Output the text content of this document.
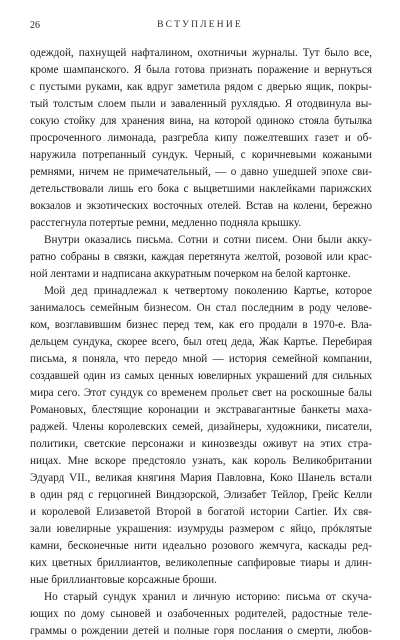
26	ВСТУПЛЕНИЕ
одеждой, пахнущей нафталином, охотничьи журналы. Тут было все,
кроме шампанского. Я была готова признать поражение и вернуться
с пустыми руками, как вдруг заметила рядом с дверью ящик, покры-
тый толстым слоем пыли и заваленный рухлядью. Я отодвинула вы-
сокую стойку для хранения вина, на которой одиноко стояла бутылка
просроченного лимонада, разгребла кипу пожелтевших газет и об-
наружила потрепанный сундук. Черный, с коричневыми кожаными
ремнями, ничем не примечательный, — о давно ушедшей эпохе сви-
детельствовали лишь его бока с выцветшими наклейками парижских
вокзалов и экзотических восточных отелей. Встав на колени, бережно
расстегнула потертые ремни, медленно подняла крышку.
Внутри оказались письма. Сотни и сотни писем. Они были акку-
ратно собраны в связки, каждая перетянута желтой, розовой или крас-
ной лентами и надписана аккуратным почерком на белой картонке.
Мой дед принадлежал к четвертому поколению Картье, которое
занималось семейным бизнесом. Он стал последним в роду челове-
ком, возглавившим бизнес перед тем, как его продали в 1970-е. Вла-
дельцем сундука, скорее всего, был отец деда, Жак Картье. Перебирая
письма, я поняла, что передо мной — история семейной компании,
создавшей один из самых ценных ювелирных украшений для сильных
мира сего. Этот сундук со временем прольет свет на роскошные балы
Романовых, блестящие коронации и экстравагантные банкеты маха-
раджей. Члены королевских семей, дизайнеры, художники, писатели,
политики, светские персонажи и кинозвезды оживут на этих стра-
ницах. Мне вскоре предстояло узнать, как король Великобритании
Эдуард VII., великая княгиня Мария Павловна, Коко Шанель встали
в один ряд с герцогиней Виндзорской, Элизабет Тейлор, Грейс Келли
и королевой Елизаветой Второй в богатой истории Cartier. Их свя-
зали ювелирные украшения: изумруды размером с яйцо, прóклятые
камни, бесконечные нити идеально розового жемчуга, каскады ред-
ких цветных бриллиантов, великолепные сапфировые тиары и длин-
ные бриллиантовые корсажные броши.
Но старый сундук хранил и личную историю: письма от скуча-
ющих по дому сыновей и озабоченных родителей, радостные теле-
граммы о рождении детей и полные горя послания о смерти, любов-
